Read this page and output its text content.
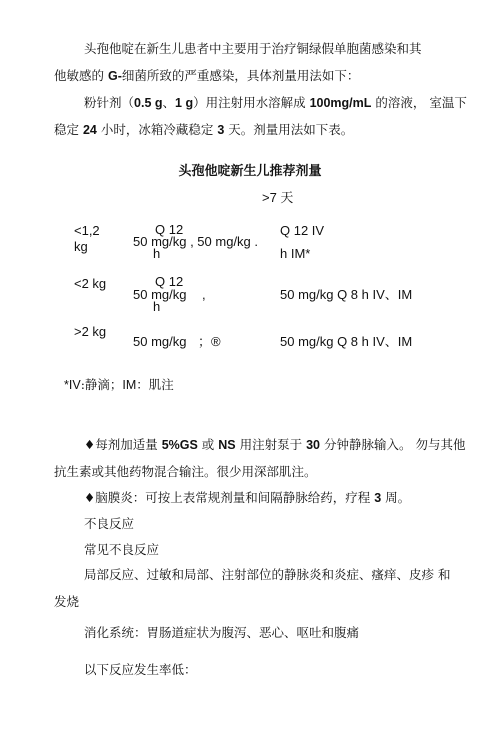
头孢他啶在新生儿患者中主要用于治疗铜绿假单胞菌感染和其
他敏感的 G-细菌所致的严重感染，具体剂量用法如下：
粉针剂（0.5 g、1 g）用注射用水溶解成 100mg/mL 的溶液， 室温下
稳定 24 小时，冰箱冷藏稳定 3 天。剂量用法如下表。
头孢他啶新生儿推荐剂量
>7 天
<1,2
kg
Q 12
50 mg/kg , 50 mg/kg .
h
Q 12 IV
h IM*
<2 kg	Q 12
50 mg/kg ,
h
50 mg/kg Q 8 h IV、IM
>2 kg
50 mg/kg ；®	50 mg/kg Q 8 h IV、IM
*IV:静滴；IM：肌注
♦每剂加适量 5%GS 或 NS 用注射泵于 30 分钟静脉输入。 勿与其他
抗生素或其他药物混合输注。很少用深部肌注。
♦脑膜炎：可按上表常规剂量和间隔静脉给药，疗程 3 周。
不良反应
常见不良反应
局部反应、过敏和局部、注射部位的静脉炎和炎症、瘙痒、皮疹 和
发烧
消化系统：胃肠道症状为腹泻、恶心、呕吐和腹痛
以下反应发生率低：
